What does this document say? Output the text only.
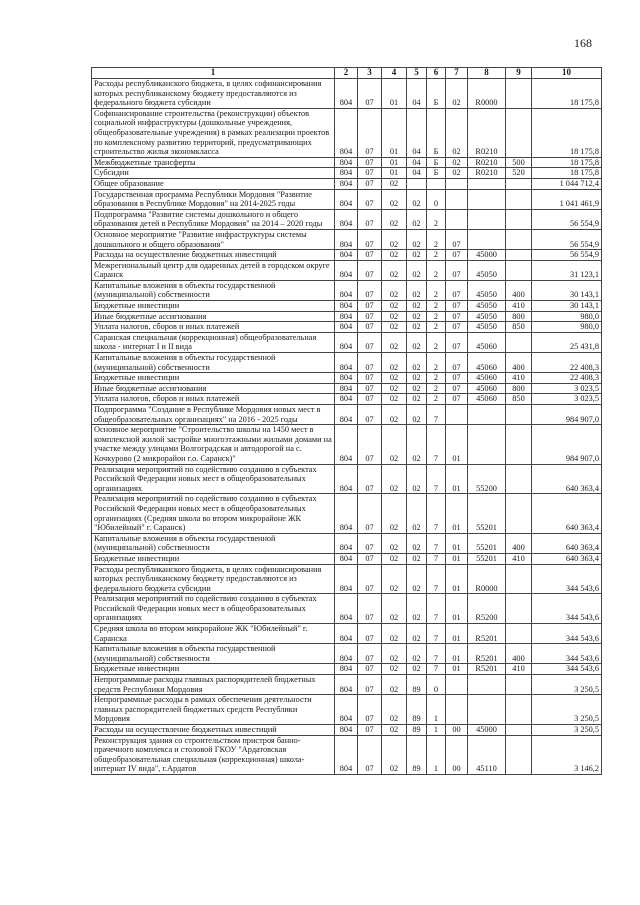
168
1	2	3	4	5	6	7	8	9	10
Расходы республиканского бюджета, в целях софинансирования которых республиканскому бюджету предоставляются из федерального бюджета субсидии	804	07	01	04	Б	02	R0000		18 175,8
Софинансирование строительства (реконструкции) объектов социальной инфраструктуры (дошкольные учреждения, общеобразовательные учреждения) в рамках реализации проектов по комплексному развитию территорий, предусматривающих строительство жилья экономкласса	804	07	01	04	Б	02	R0210		18 175,8
Межбюджетные трансферты	804	07	01	04	Б	02	R0210	500	18 175,8
Субсидии	804	07	01	04	Б	02	R0210	520	18 175,8
Общее образование	804	07	02						1 044 712,4
Государственная программа Республики Мордовия "Развитие образования в Республике Мордовия" на 2014-2025 годы	804	07	02	02	0				1 041 461,9
Подпрограмма "Развитие системы дошкольного и общего образования детей в Республике Мордовия" на 2014 – 2020 годы	804	07	02	02	2				56 554,9
Основное мероприятие "Развитие инфраструктуры системы дошкольного и общего образования"	804	07	02	02	2	07			56 554,9
Расходы на осуществление бюджетных инвестиций	804	07	02	02	2	07	45000		56 554,9
Межрегиональный центр для одаренных детей в городском округе Саранск	804	07	02	02	2	07	45050		31 123,1
Капитальные вложения в объекты государственной (муниципальной) собственности	804	07	02	02	2	07	45050	400	30 143,1
Бюджетные инвестиции	804	07	02	02	2	07	45050	410	30 143,1
Иные бюджетные ассигнования	804	07	02	02	2	07	45050	800	980,0
Уплата налогов, сборов и иных платежей	804	07	02	02	2	07	45050	850	980,0
Саранская специальная (коррекционная) общеобразовательная школа - интернат I и II вида	804	07	02	02	2	07	45060		25 431,8
Капитальные вложения в объекты государственной (муниципальной) собственности	804	07	02	02	2	07	45060	400	22 408,3
Бюджетные инвестиции	804	07	02	02	2	07	45060	410	22 408,3
Иные бюджетные ассигнования	804	07	02	02	2	07	45060	800	3 023,5
Уплата налогов, сборов и иных платежей	804	07	02	02	2	07	45060	850	3 023,5
Подпрограмма "Создание в Республике Мордовия новых мест в общеобразовательных организациях" на 2016 - 2025 годы	804	07	02	02	7				984 907,0
Основное мероприятие "Строительство школы на 1450 мест в комплексной жилой застройке многоэтажными жилыми домами на участке между улицами Волгоградская и автодорогой на с. Кочкурово (2 микрорайон г.о. Саранск)"	804	07	02	02	7	01			984 907,0
Реализация мероприятий по содействию созданию в субъектах Российской Федерации новых мест в общеобразовательных организациях	804	07	02	02	7	01	55200		640 363,4
Реализация мероприятий по содействию созданию в субъектах Российской Федерации новых мест в общеобразовательных организациях (Средняя школа во втором микрорайоне ЖК "Юбилейный" г. Саранск)	804	07	02	02	7	01	55201		640 363,4
Капитальные вложения в объекты государственной (муниципальной) собственности	804	07	02	02	7	01	55201	400	640 363,4
Бюджетные инвестиции	804	07	02	02	7	01	55201	410	640 363,4
Расходы республиканского бюджета, в целях софинансирования которых республиканскому бюджету предоставляются из федерального бюджета субсидии	804	07	02	02	7	01	R0000		344 543,6
Реализация мероприятий по содействию созданию в субъектах Российской Федерации новых мест в общеобразовательных организациях	804	07	02	02	7	01	R5200		344 543,6
Средняя школа во втором микрорайоне ЖК "Юбилейный" г. Саранска	804	07	02	02	7	01	R5201		344 543,6
Капитальные вложения в объекты государственной (муниципальной) собственности	804	07	02	02	7	01	R5201	400	344 543,6
Бюджетные инвестиции	804	07	02	02	7	01	R5201	410	344 543,6
Непрограммные расходы главных распорядителей бюджетных средств Республики Мордовия	804	07	02	89	0				3 250,5
Непрограммные расходы в рамках обеспечения деятельности главных распорядителей бюджетных средств Республики Мордовия	804	07	02	89	1				3 250,5
Расходы на осуществление бюджетных инвестиций	804	07	02	89	1	00	45000		3 250,5
Реконструкция здания со строительством пристроя банно-прачечного комплекса и столовой ГКОУ "Ардатовская общеобразовательная специальная (коррекционная) школа-интернат IV вида", г.Ардатов	804	07	02	89	1	00	45110		3 146,2
